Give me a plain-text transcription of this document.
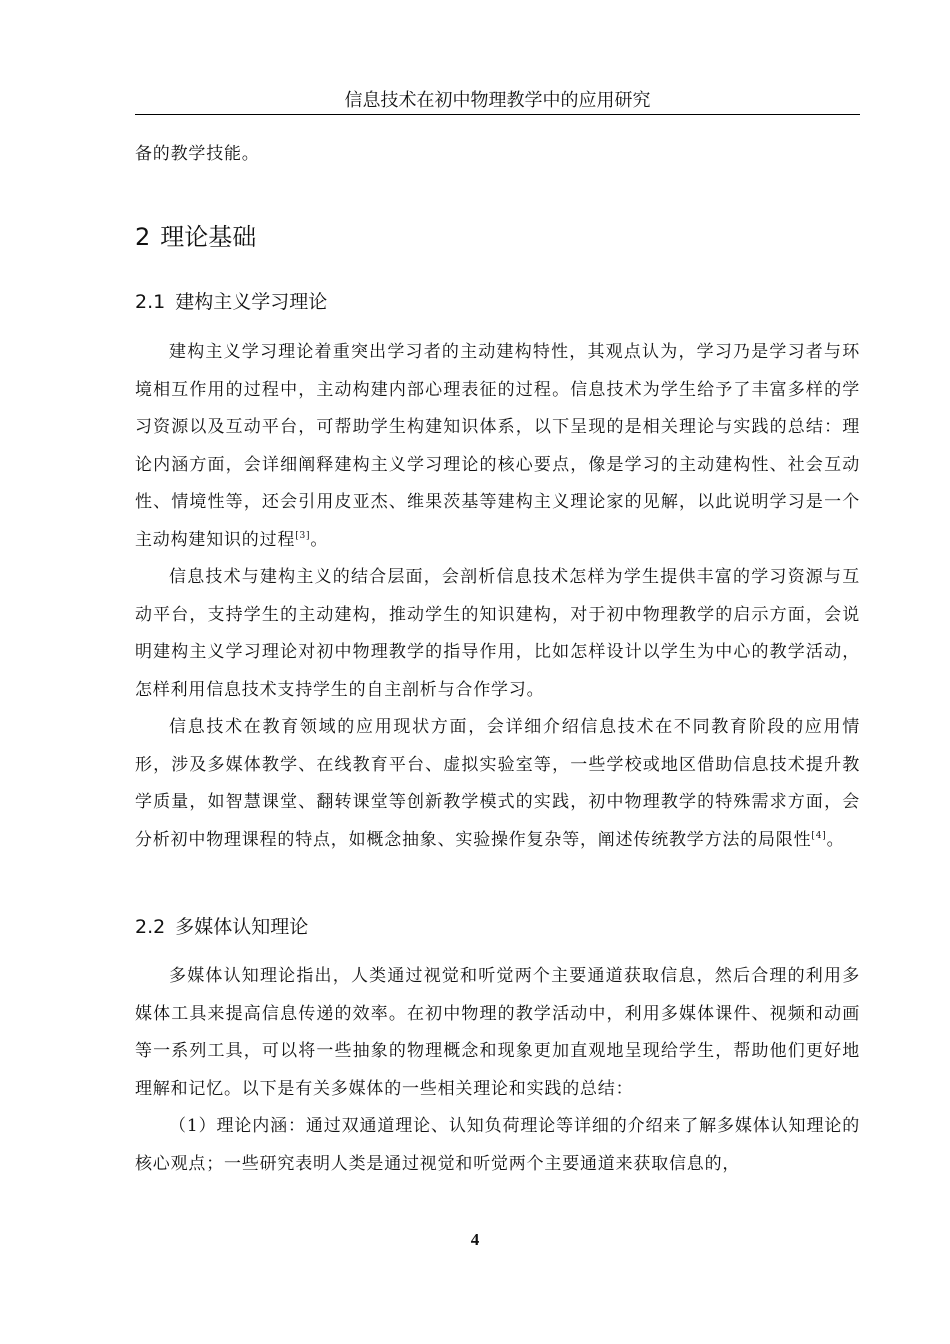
信息技术在初中物理教学中的应用研究

备的教学技能。

2 理论基础
2.1 建构主义学习理论

建构主义学习理论着重突出学习者的主动建构特性，其观点认为，学习乃是学习者与环境相互作用的过程中，主动构建内部心理表征的过程。信息技术为学生给予了丰富多样的学习资源以及互动平台，可帮助学生构建知识体系，以下呈现的是相关理论与实践的总结：理论内涵方面，会详细阐释建构主义学习理论的核心要点，像是学习的主动建构性、社会互动性、情境性等，还会引用皮亚杰、维果茨基等建构主义理论家的见解，以此说明学习是一个主动构建知识的过程[3]。

信息技术与建构主义的结合层面，会剖析信息技术怎样为学生提供丰富的学习资源与互动平台，支持学生的主动建构，推动学生的知识建构，对于初中物理教学的启示方面，会说明建构主义学习理论对初中物理教学的指导作用，比如怎样设计以学生为中心的教学活动，怎样利用信息技术支持学生的自主剖析与合作学习。

信息技术在教育领域的应用现状方面，会详细介绍信息技术在不同教育阶段的应用情形，涉及多媒体教学、在线教育平台、虚拟实验室等，一些学校或地区借助信息技术提升教学质量，如智慧课堂、翻转课堂等创新教学模式的实践，初中物理教学的特殊需求方面，会分析初中物理课程的特点，如概念抽象、实验操作复杂等，阐述传统教学方法的局限性[4]。

2.2 多媒体认知理论

多媒体认知理论指出，人类通过视觉和听觉两个主要通道获取信息，然后合理的利用多媒体工具来提高信息传递的效率。在初中物理的教学活动中，利用多媒体课件、视频和动画等一系列工具，可以将一些抽象的物理概念和现象更加直观地呈现给学生，帮助他们更好地理解和记忆。以下是有关多媒体的一些相关理论和实践的总结：

（1）理论内涵：通过双通道理论、认知负荷理论等详细的介绍来了解多媒体认知理论的核心观点；一些研究表明人类是通过视觉和听觉两个主要通道来获取信息的，

4
